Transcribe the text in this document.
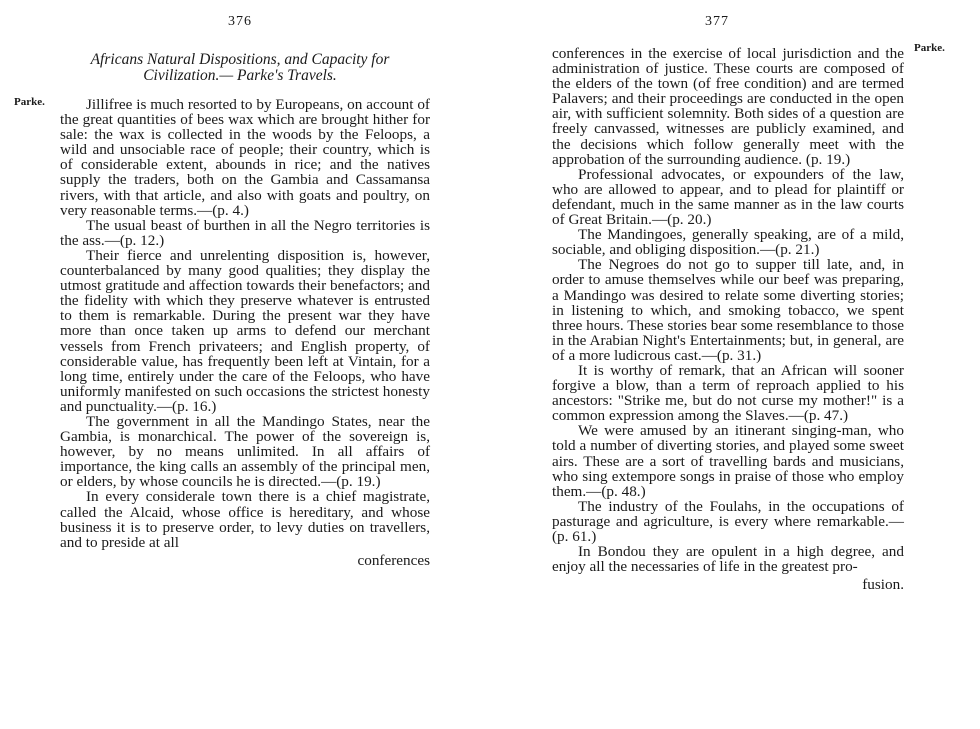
376
Africans Natural Dispositions, and Capacity for
Civilization.— Parke's Travels.
Parke.	Jillifree is much resorted to by Europeans, on account of the great quantities of bees wax which are brought hither for sale: the wax is collected in the woods by the Feloops, a wild and unsociable race of people; their country, which is of considerable extent, abounds in rice; and the natives supply the traders, both on the Gambia and Cassamansa rivers, with that article, and also with goats and poultry, on very reasonable terms.—(p. 4.)

The usual beast of burthen in all the Negro territories is the ass.—(p. 12.)

Their fierce and unrelenting disposition is, however, counterbalanced by many good qualities; they display the utmost gratitude and affection towards their benefactors; and the fidelity with which they preserve whatever is entrusted to them is remarkable. During the present war they have more than once taken up arms to defend our merchant vessels from French privateers; and English property, of considerable value, has frequently been left at Vintain, for a long time, entirely under the care of the Feloops, who have uniformly manifested on such occasions the strictest honesty and punctuality.—(p. 16.)

The government in all the Mandingo States, near the Gambia, is monarchical. The power of the sovereign is, however, by no means unlimited. In all affairs of importance, the king calls an assembly of the principal men, or elders, by whose councils he is directed.—(p. 19.)

In every considerale town there is a chief magistrate, called the Alcaid, whose office is hereditary, and whose business it is to preserve order, to levy duties on travellers, and to preside at all

conferences
377
Parke.

conferences in the exercise of local jurisdiction and the administration of justice. These courts are composed of the elders of the town (of free condition) and are termed Palavers; and their proceedings are conducted in the open air, with sufficient solemnity. Both sides of a question are freely canvassed, witnesses are publicly examined, and the decisions which follow generally meet with the approbation of the surrounding audience. (p. 19.)

Professional advocates, or expounders of the law, who are allowed to appear, and to plead for plaintiff or defendant, much in the same manner as in the law courts of Great Britain.—(p. 20.)

The Mandingoes, generally speaking, are of a mild, sociable, and obliging disposition.—(p. 21.)

The Negroes do not go to supper till late, and, in order to amuse themselves while our beef was preparing, a Mandingo was desired to relate some diverting stories; in listening to which, and smoking tobacco, we spent three hours. These stories bear some resemblance to those in the Arabian Night's Entertainments; but, in general, are of a more ludicrous cast.—(p. 31.)

It is worthy of remark, that an African will sooner forgive a blow, than a term of reproach applied to his ancestors: "Strike me, but do not curse my mother!" is a common expression among the Slaves.—(p. 47.)

We were amused by an itinerant singing-man, who told a number of diverting stories, and played some sweet airs. These are a sort of travelling bards and musicians, who sing extempore songs in praise of those who employ them.—(p. 48.)

The industry of the Foulahs, in the occupations of pasturage and agriculture, is every where remarkable.—(p. 61.)

In Bondou they are opulent in a high degree, and enjoy all the necessaries of life in the greatest pro-

fusion.
